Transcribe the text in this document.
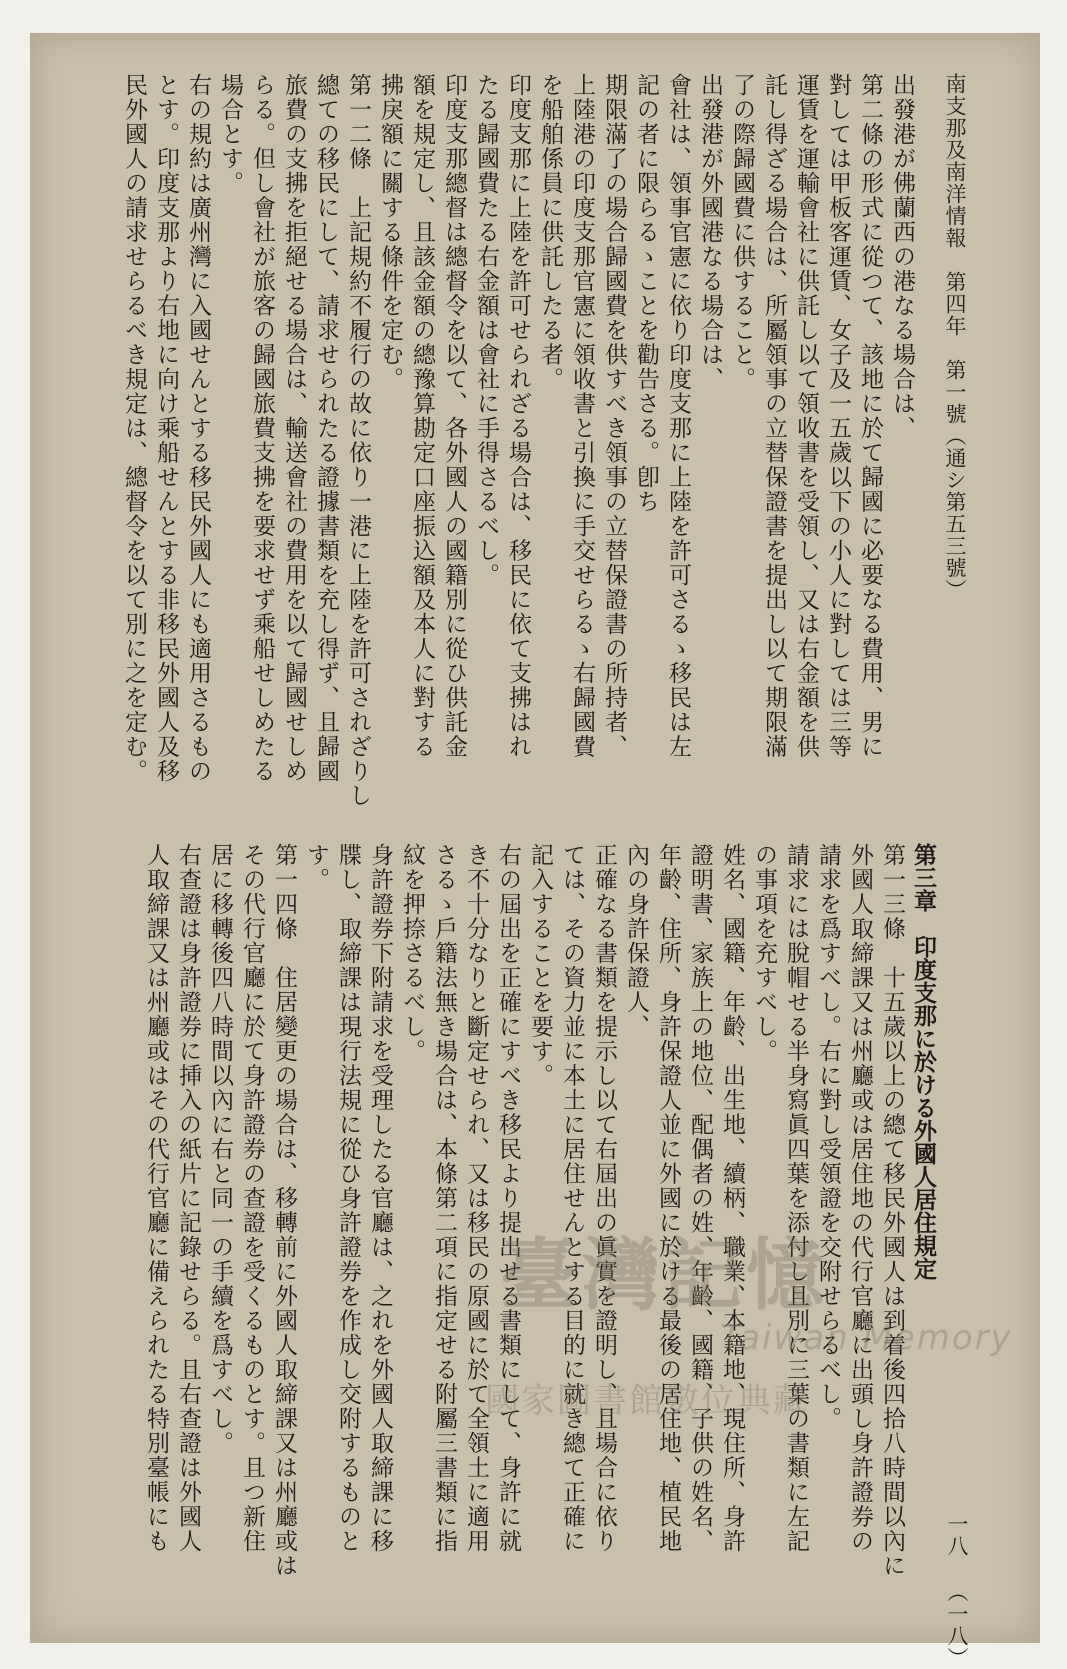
南支那及南洋情報　第四年　第一號（通シ第五三號）
出發港が佛蘭西の港なる場合は、
第二條の形式に從つて、該地に於て歸國に必要なる費用、男に
對しては甲板客運賃、女子及一五歲以下の小人に對しては三等
運賃を運輸會社に供託し以て領收書を受領し、又は右金額を供
託し得ざる場合は、所屬領事の立替保證書を提出し以て期限滿
了の際歸國費に供すること。
出發港が外國港なる場合は、
會社は、領事官憲に依り印度支那に上陸を許可さるゝ移民は左
記の者に限らるゝことを勸告さる。卽ち
期限滿了の場合歸國費を供すべき領事の立替保證書の所持者、
上陸港の印度支那官憲に領收書と引換に手交せらるゝ右歸國費
を船舶係員に供託したる者。
印度支那に上陸を許可せられざる場合は、移民に依て支拂はれ
たる歸國費たる右金額は會社に手得さるべし。
印度支那總督は總督令を以て、各外國人の國籍別に從ひ供託金
額を規定し、且該金額の總豫算勘定口座振込額及本人に對する
拂戾額に關する條件を定む。
第一二條　上記規約不履行の故に依り一港に上陸を許可されざりし
總ての移民にして、請求せられたる證據書類を充し得ず、且歸國
旅費の支拂を拒絕せる場合は、輸送會社の費用を以て歸國せしめ
らる。但し會社が旅客の歸國旅費支拂を要求せず乘船せしめたる
場合とす。
右の規約は廣州灣に入國せんとする移民外國人にも適用さるもの
とす。印度支那より右地に向け乘船せんとする非移民外國人及移
民外國人の請求せらるべき規定は、總督令を以て別に之を定む。
一八
（一八）
第三章　印度支那に於ける外國人居住規定
第一三條　十五歲以上の總て移民外國人は到着後四拾八時間以內に
外國人取締課又は州廳或は居住地の代行官廳に出頭し身許證券の
請求を爲すべし。右に對し受領證を交附せらるべし。
請求には脫帽せる半身寫眞四葉を添付し且別に三葉の書類に左記
の事項を充すべし。
姓名、國籍、年齡、出生地、續柄、職業、本籍地、現住所、身許
證明書、家族上の地位、配偶者の姓、年齡、國籍、子供の姓名、
年齡、住所、身許保證人並に外國に於ける最後の居住地、植民地
內の身許保證人、
正確なる書類を提示し以て右屆出の眞實を證明し、且場合に依り
ては、その資力並に本土に居住せんとする目的に就き總て正確に
記入することを要す。
右の屆出を正確にすべき移民より提出せる書類にして、身許に就
き不十分なりと斷定せられ、又は移民の原國に於て全領土に適用
さるゝ戶籍法無き場合は、本條第二項に指定せる附屬三書類に指
紋を押捺さるべし。
身許證券下附請求を受理したる官廳は、之れを外國人取締課に移
牒し、取締課は現行法規に從ひ身許證券を作成し交附するものと
す。
第一四條　住居變更の場合は、移轉前に外國人取締課又は州廳或は
その代行官廳に於て身許證券の查證を受くるものとす。且つ新住
居に移轉後四八時間以內に右と同一の手續を爲すべし。
右查證は身許證券に挿入の紙片に記錄せらる。且右查證は外國人
人取締課又は州廳或はその代行官廳に備えられたる特別臺帳にも	臺灣記憶
Taiwan Memory
國家圖書館數位典藏
